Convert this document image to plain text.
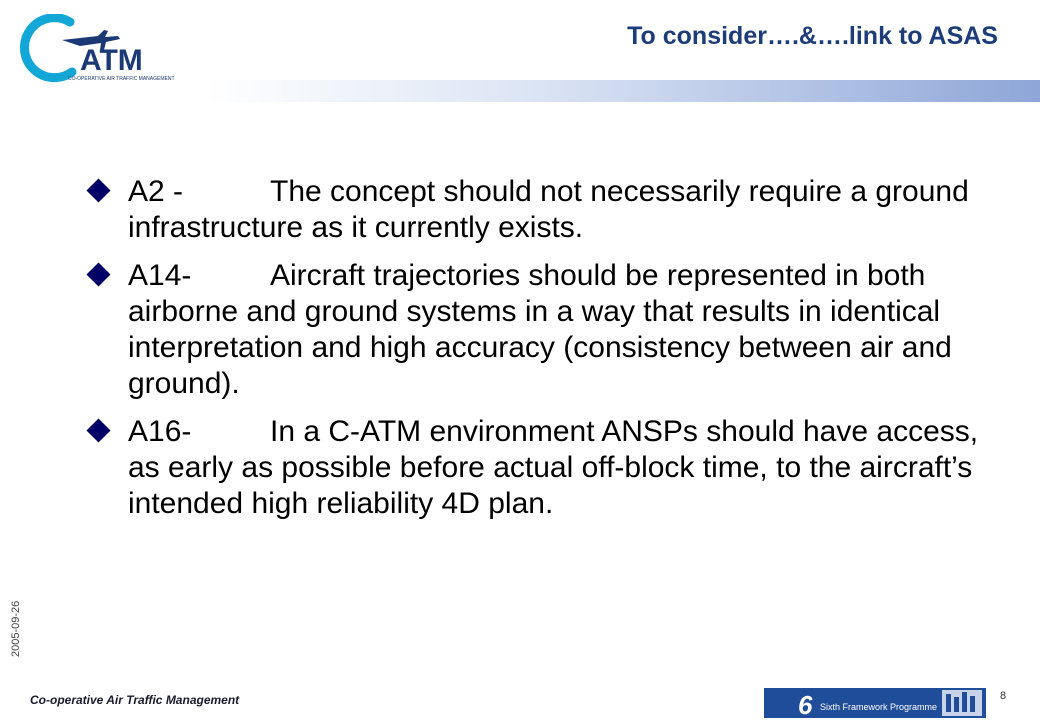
ATM
CO-OPERATIVE AIR TRAFFIC MANAGEMENT
To consider….&….link to ASAS
A2 -	The concept should not necessarily require a ground infrastructure as it currently exists.
A14-	Aircraft trajectories should be represented in both airborne and ground systems in a way that results in identical interpretation and high accuracy (consistency between air and ground).
A16-	In a C-ATM environment ANSPs should have access, as early as possible before actual off-block time, to the aircraft’s intended high reliability 4D plan.
2005-09-26
Co-operative Air Traffic Management	6 Sixth Framework Programme
8
